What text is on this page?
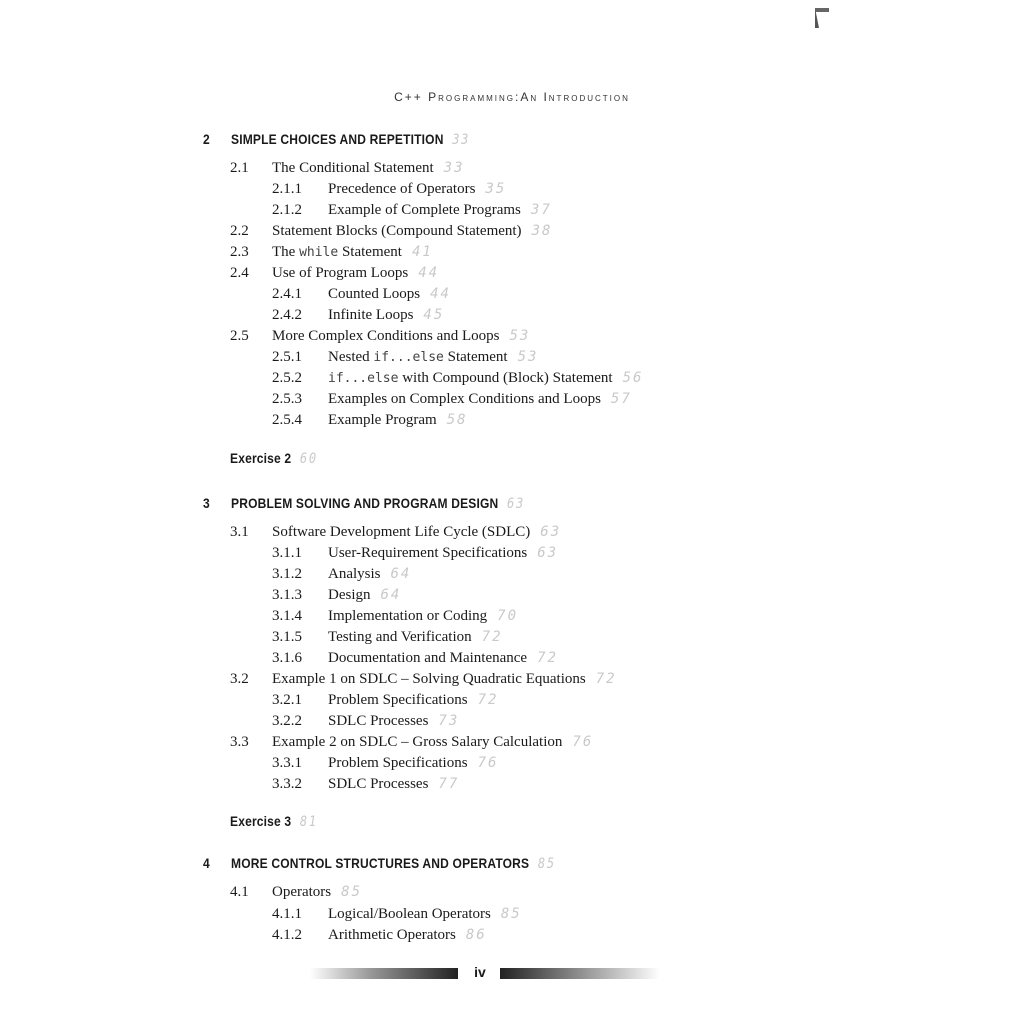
C++ Programming:An Introduction
2 SIMPLE CHOICES AND REPETITION 33
2.1 The Conditional Statement 33
2.1.1 Precedence of Operators 35
2.1.2 Example of Complete Programs 37
2.2 Statement Blocks (Compound Statement) 38
2.3 The while Statement 41
2.4 Use of Program Loops 44
2.4.1 Counted Loops 44
2.4.2 Infinite Loops 45
2.5 More Complex Conditions and Loops 53
2.5.1 Nested if...else Statement 53
2.5.2 if...else with Compound (Block) Statement 56
2.5.3 Examples on Complex Conditions and Loops 57
2.5.4 Example Program 58
Exercise 2 60
3 PROBLEM SOLVING AND PROGRAM DESIGN 63
3.1 Software Development Life Cycle (SDLC) 63
3.1.1 User-Requirement Specifications 63
3.1.2 Analysis 64
3.1.3 Design 64
3.1.4 Implementation or Coding 70
3.1.5 Testing and Verification 72
3.1.6 Documentation and Maintenance 72
3.2 Example 1 on SDLC – Solving Quadratic Equations 72
3.2.1 Problem Specifications 72
3.2.2 SDLC Processes 73
3.3 Example 2 on SDLC – Gross Salary Calculation 76
3.3.1 Problem Specifications 76
3.3.2 SDLC Processes 77
Exercise 3 81
4 MORE CONTROL STRUCTURES AND OPERATORS 85
4.1 Operators 85
4.1.1 Logical/Boolean Operators 85
4.1.2 Arithmetic Operators 86
iv
